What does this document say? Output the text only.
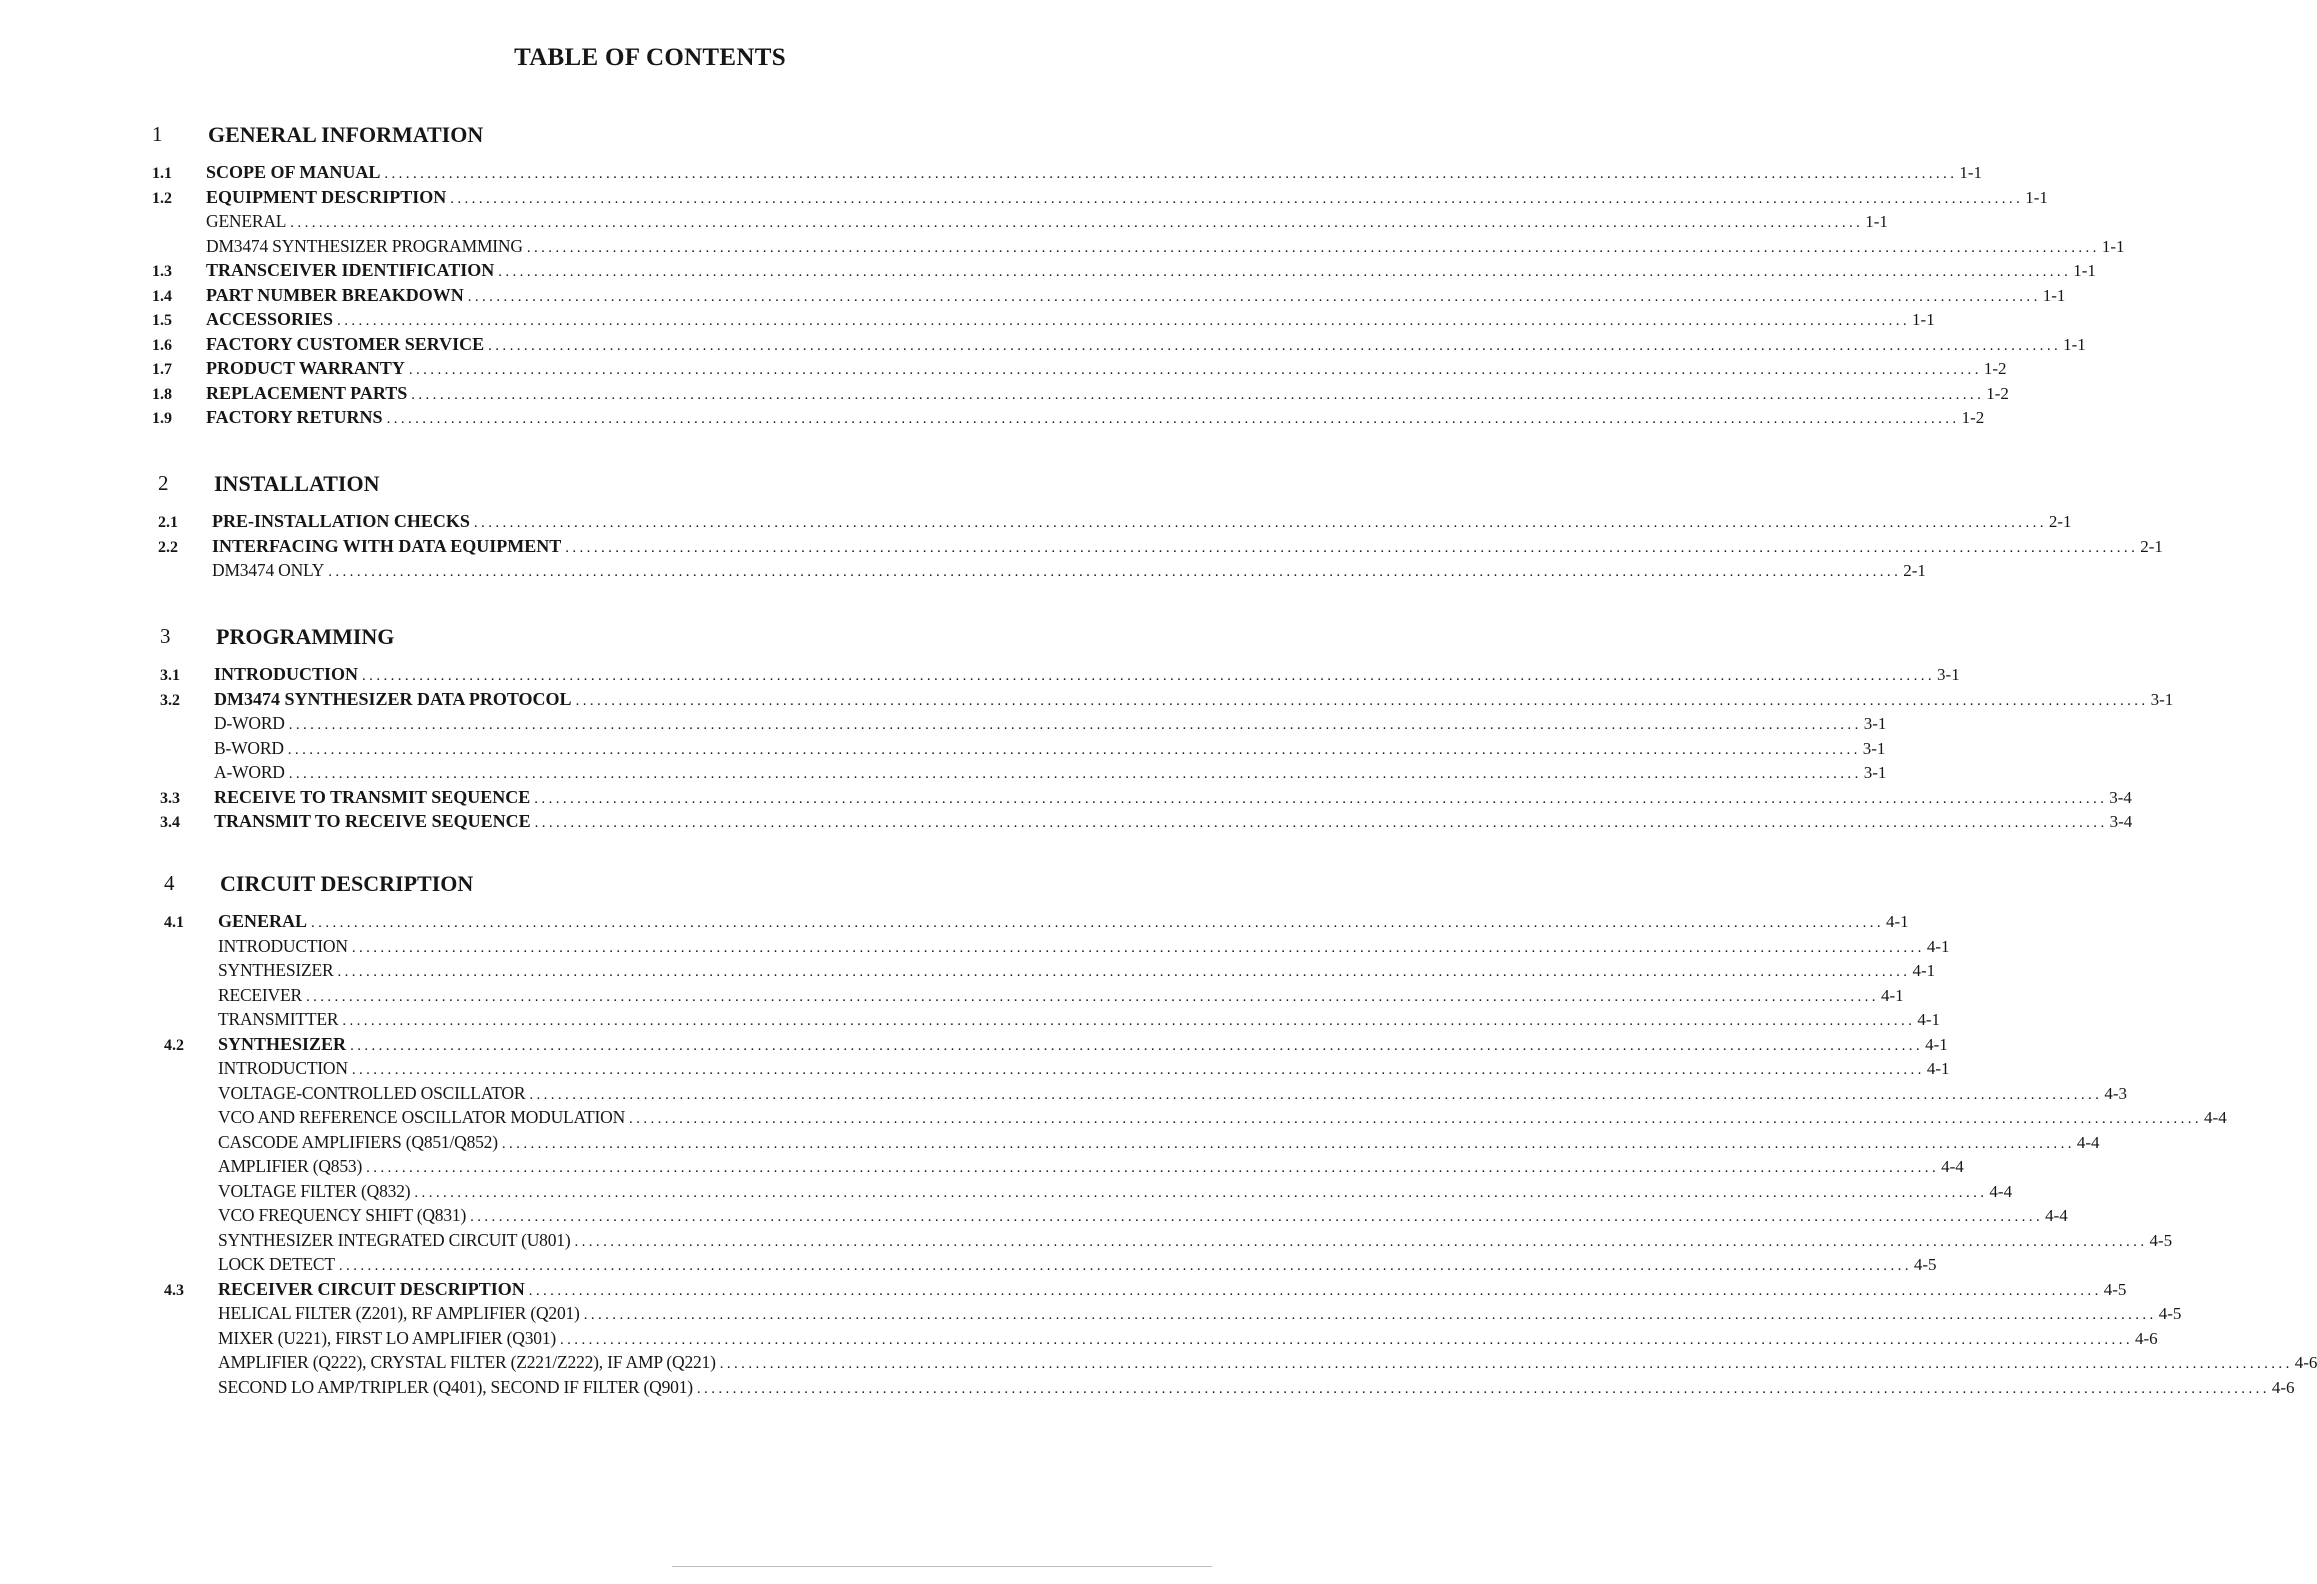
TABLE OF CONTENTS
1 GENERAL INFORMATION
1.1 SCOPE OF MANUAL ............................................................................................................................................................................................................................ 1-1
1.2 EQUIPMENT DESCRIPTION ............................................................................................................................................................................................................................ 1-1
GENERAL ............................................................................................................................................................................................................................ 1-1
DM3474 SYNTHESIZER PROGRAMMING ............................................................................................................................................................................................................................ 1-1
1.3 TRANSCEIVER IDENTIFICATION ............................................................................................................................................................................................................................ 1-1
1.4 PART NUMBER BREAKDOWN ............................................................................................................................................................................................................................ 1-1
1.5 ACCESSORIES ............................................................................................................................................................................................................................ 1-1
1.6 FACTORY CUSTOMER SERVICE ............................................................................................................................................................................................................................ 1-1
1.7 PRODUCT WARRANTY ............................................................................................................................................................................................................................ 1-2
1.8 REPLACEMENT PARTS ............................................................................................................................................................................................................................ 1-2
1.9 FACTORY RETURNS ............................................................................................................................................................................................................................ 1-2
2 INSTALLATION
2.1 PRE-INSTALLATION CHECKS ............................................................................................................................................................................................................................ 2-1
2.2 INTERFACING WITH DATA EQUIPMENT ............................................................................................................................................................................................................................ 2-1
DM3474 ONLY ............................................................................................................................................................................................................................ 2-1
3 PROGRAMMING
3.1 INTRODUCTION ............................................................................................................................................................................................................................ 3-1
3.2 DM3474 SYNTHESIZER DATA PROTOCOL ............................................................................................................................................................................................................................ 3-1
D-WORD ............................................................................................................................................................................................................................ 3-1
B-WORD ............................................................................................................................................................................................................................ 3-1
A-WORD ............................................................................................................................................................................................................................ 3-1
3.3 RECEIVE TO TRANSMIT SEQUENCE ............................................................................................................................................................................................................................ 3-4
3.4 TRANSMIT TO RECEIVE SEQUENCE ............................................................................................................................................................................................................................ 3-4
4 CIRCUIT DESCRIPTION
4.1 GENERAL ............................................................................................................................................................................................................................ 4-1
INTRODUCTION ............................................................................................................................................................................................................................ 4-1
SYNTHESIZER ............................................................................................................................................................................................................................ 4-1
RECEIVER ............................................................................................................................................................................................................................ 4-1
TRANSMITTER ............................................................................................................................................................................................................................ 4-1
4.2 SYNTHESIZER ............................................................................................................................................................................................................................ 4-1
INTRODUCTION ............................................................................................................................................................................................................................ 4-1
VOLTAGE-CONTROLLED OSCILLATOR ............................................................................................................................................................................................................................ 4-3
VCO AND REFERENCE OSCILLATOR MODULATION ............................................................................................................................................................................................................................ 4-4
CASCODE AMPLIFIERS (Q851/Q852) ............................................................................................................................................................................................................................ 4-4
AMPLIFIER (Q853) ............................................................................................................................................................................................................................ 4-4
VOLTAGE FILTER (Q832) ............................................................................................................................................................................................................................ 4-4
VCO FREQUENCY SHIFT (Q831) ............................................................................................................................................................................................................................ 4-4
SYNTHESIZER INTEGRATED CIRCUIT (U801) ............................................................................................................................................................................................................................ 4-5
LOCK DETECT ............................................................................................................................................................................................................................ 4-5
4.3 RECEIVER CIRCUIT DESCRIPTION ............................................................................................................................................................................................................................ 4-5
HELICAL FILTER (Z201), RF AMPLIFIER (Q201) ............................................................................................................................................................................................................................ 4-5
MIXER (U221), FIRST LO AMPLIFIER (Q301) ............................................................................................................................................................................................................................ 4-6
AMPLIFIER (Q222), CRYSTAL FILTER (Z221/Z222), IF AMP (Q221) ............................................................................................................................................................................................................................ 4-6
SECOND LO AMP/TRIPLER (Q401), SECOND IF FILTER (Q901) ............................................................................................................................................................................................................................ 4-6
